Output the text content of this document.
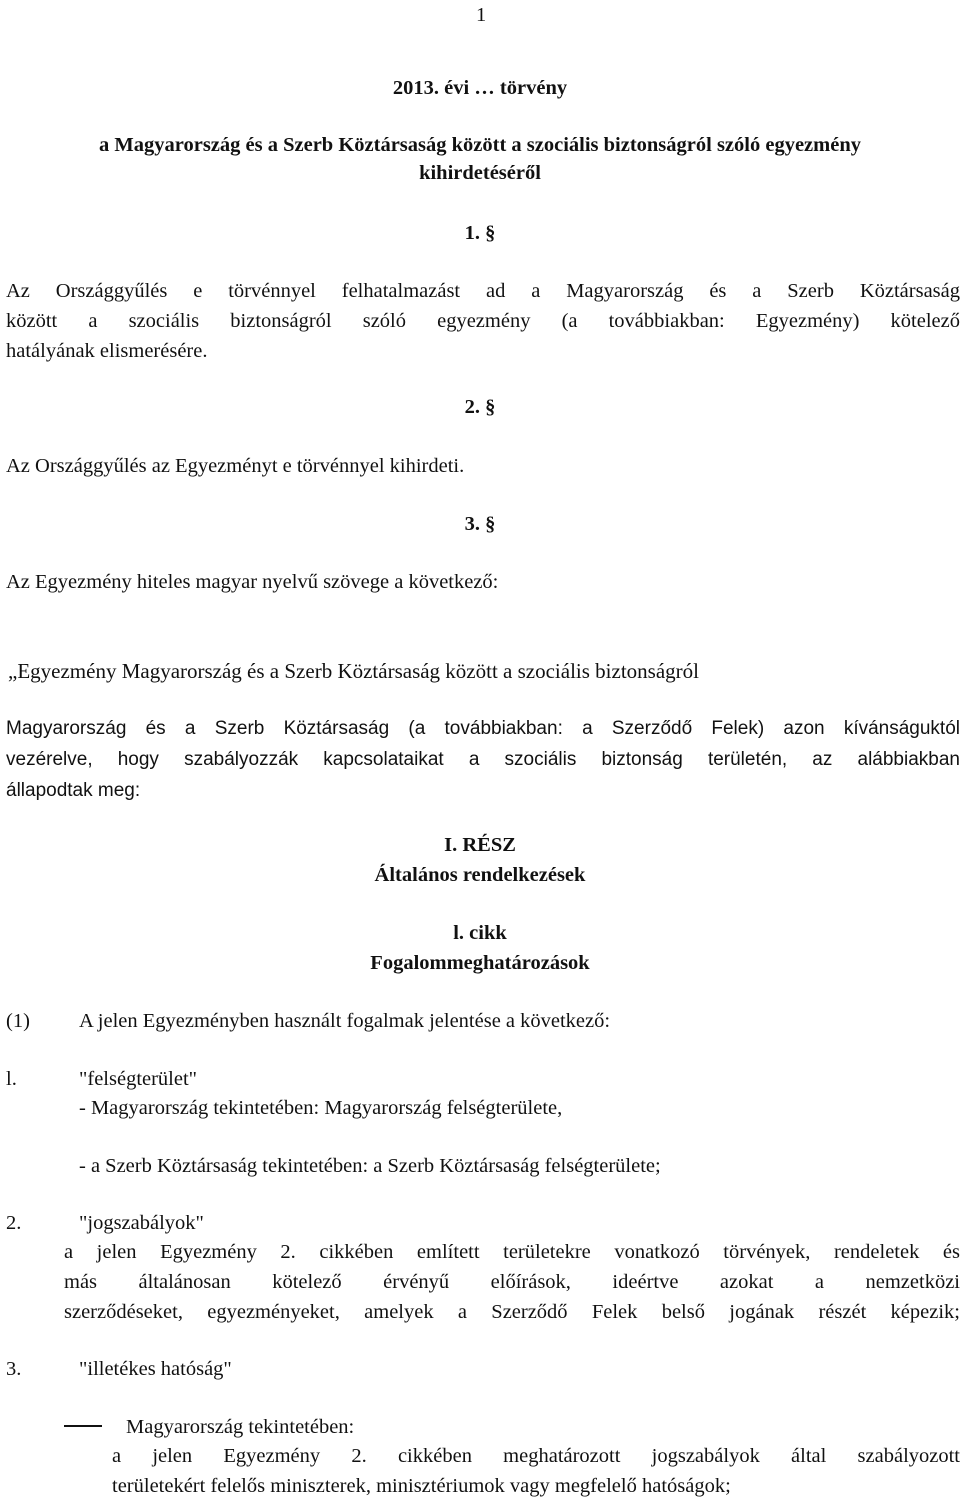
1
2013. évi … törvény
a Magyarország és a Szerb Köztársaság között a szociális biztonságról szóló egyezmény
kihirdetéséről
1. §
Az Országgyűlés e törvénnyel felhatalmazást ad a Magyarország és a Szerb Köztársaság
között a szociális biztonságról szóló egyezmény (a továbbiakban: Egyezmény) kötelező
hatályának elismerésére.
2. §
Az Országgyűlés az Egyezményt e törvénnyel kihirdeti.
3. §
Az Egyezmény hiteles magyar nyelvű szövege a következő:
„Egyezmény Magyarország és a Szerb Köztársaság között a szociális biztonságról
Magyarország és a Szerb Köztársaság (a továbbiakban: a Szerződő Felek) azon kívánságuktól
vezérelve, hogy szabályozzák kapcsolataikat a szociális biztonság területén, az alábbiakban
állapodtak meg:
I. RÉSZ
Általános rendelkezések
l. cikk
Fogalommeghatározások
(1) A jelen Egyezményben használt fogalmak jelentése a következő:
l.	"felségterület"
- Magyarország tekintetében: Magyarország felségterülete,
- a Szerb Köztársaság tekintetében: a Szerb Köztársaság felségterülete;
2.	"jogszabályok"
a jelen Egyezmény 2. cikkében említett területekre vonatkozó törvények, rendeletek és
más általánosan kötelező érvényű előírások, ideértve azokat a nemzetközi
szerződéseket, egyezményeket, amelyek a Szerződő Felek belső jogának részét képezik;
3.	"illetékes hatóság"
Magyarország tekintetében:
a jelen Egyezmény 2. cikkében meghatározott jogszabályok által szabályozott
területekért felelős miniszterek, minisztériumok vagy megfelelő hatóságok;
